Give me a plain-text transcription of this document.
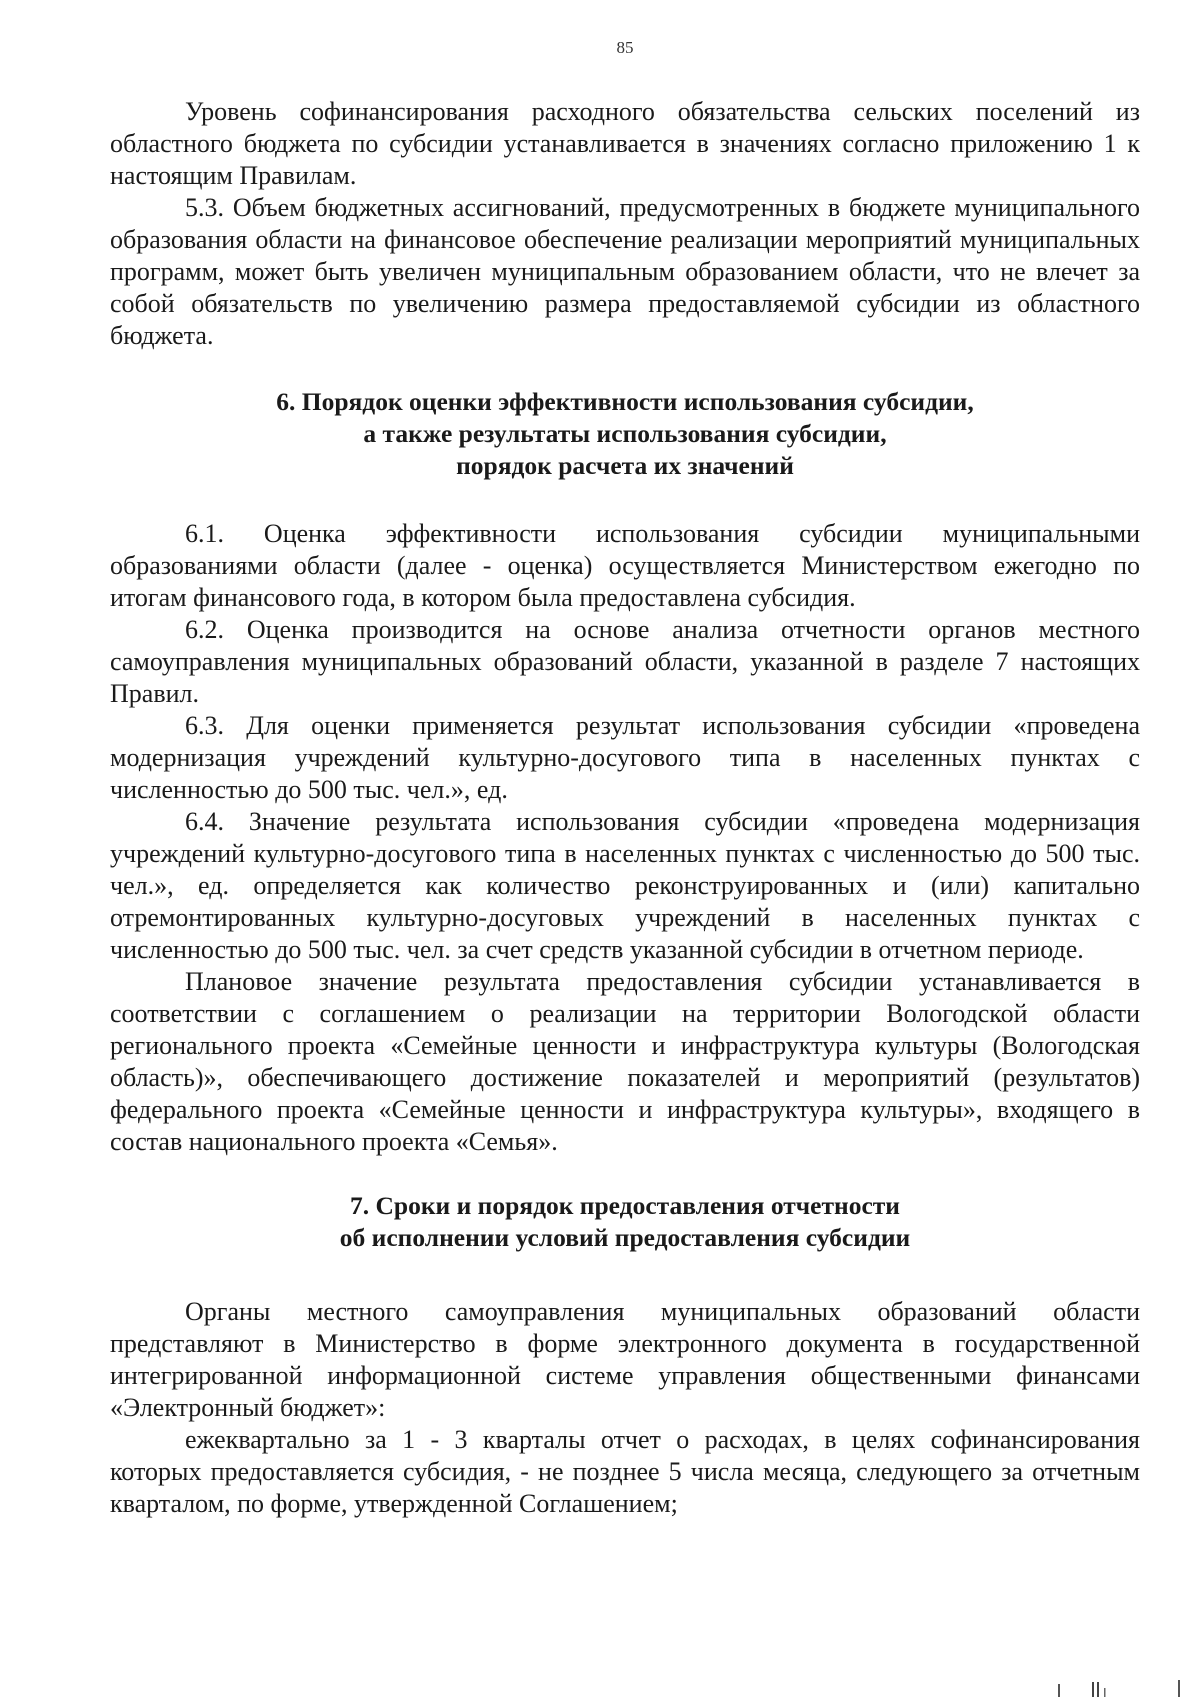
85

Уровень софинансирования расходного обязательства сельских поселений из областного бюджета по субсидии устанавливается в значениях согласно приложению 1 к настоящим Правилам.

5.3. Объем бюджетных ассигнований, предусмотренных в бюджете муниципального образования области на финансовое обеспечение реализации мероприятий муниципальных программ, может быть увеличен муниципальным образованием области, что не влечет за собой обязательств по увеличению размера предоставляемой субсидии из областного бюджета.

6. Порядок оценки эффективности использования субсидии,
а также результаты использования субсидии,
порядок расчета их значений

6.1. Оценка эффективности использования субсидии муниципальными образованиями области (далее - оценка) осуществляется Министерством ежегодно по итогам финансового года, в котором была предоставлена субсидия.

6.2. Оценка производится на основе анализа отчетности органов местного самоуправления муниципальных образований области, указанной в разделе 7 настоящих Правил.

6.3. Для оценки применяется результат использования субсидии «проведена модернизация учреждений культурно-досугового типа в населенных пунктах с численностью до 500 тыс. чел.», ед.

6.4. Значение результата использования субсидии «проведена модернизация учреждений культурно-досугового типа в населенных пунктах с численностью до 500 тыс. чел.», ед. определяется как количество реконструированных и (или) капитально отремонтированных культурно-досуговых учреждений в населенных пунктах с численностью до 500 тыс. чел. за счет средств указанной субсидии в отчетном периоде.

Плановое значение результата предоставления субсидии устанавливается в соответствии с соглашением о реализации на территории Вологодской области регионального проекта «Семейные ценности и инфраструктура культуры (Вологодская область)», обеспечивающего достижение показателей и мероприятий (результатов) федерального проекта «Семейные ценности и инфраструктура культуры», входящего в состав национального проекта «Семья».

7. Сроки и порядок предоставления отчетности
об исполнении условий предоставления субсидии

Органы местного самоуправления муниципальных образований области представляют в Министерство в форме электронного документа в государственной интегрированной информационной системе управления общественными финансами «Электронный бюджет»:

ежеквартально за 1 - 3 кварталы отчет о расходах, в целях софинансирования которых предоставляется субсидия, - не позднее 5 числа месяца, следующего за отчетным кварталом, по форме, утвержденной Соглашением;
